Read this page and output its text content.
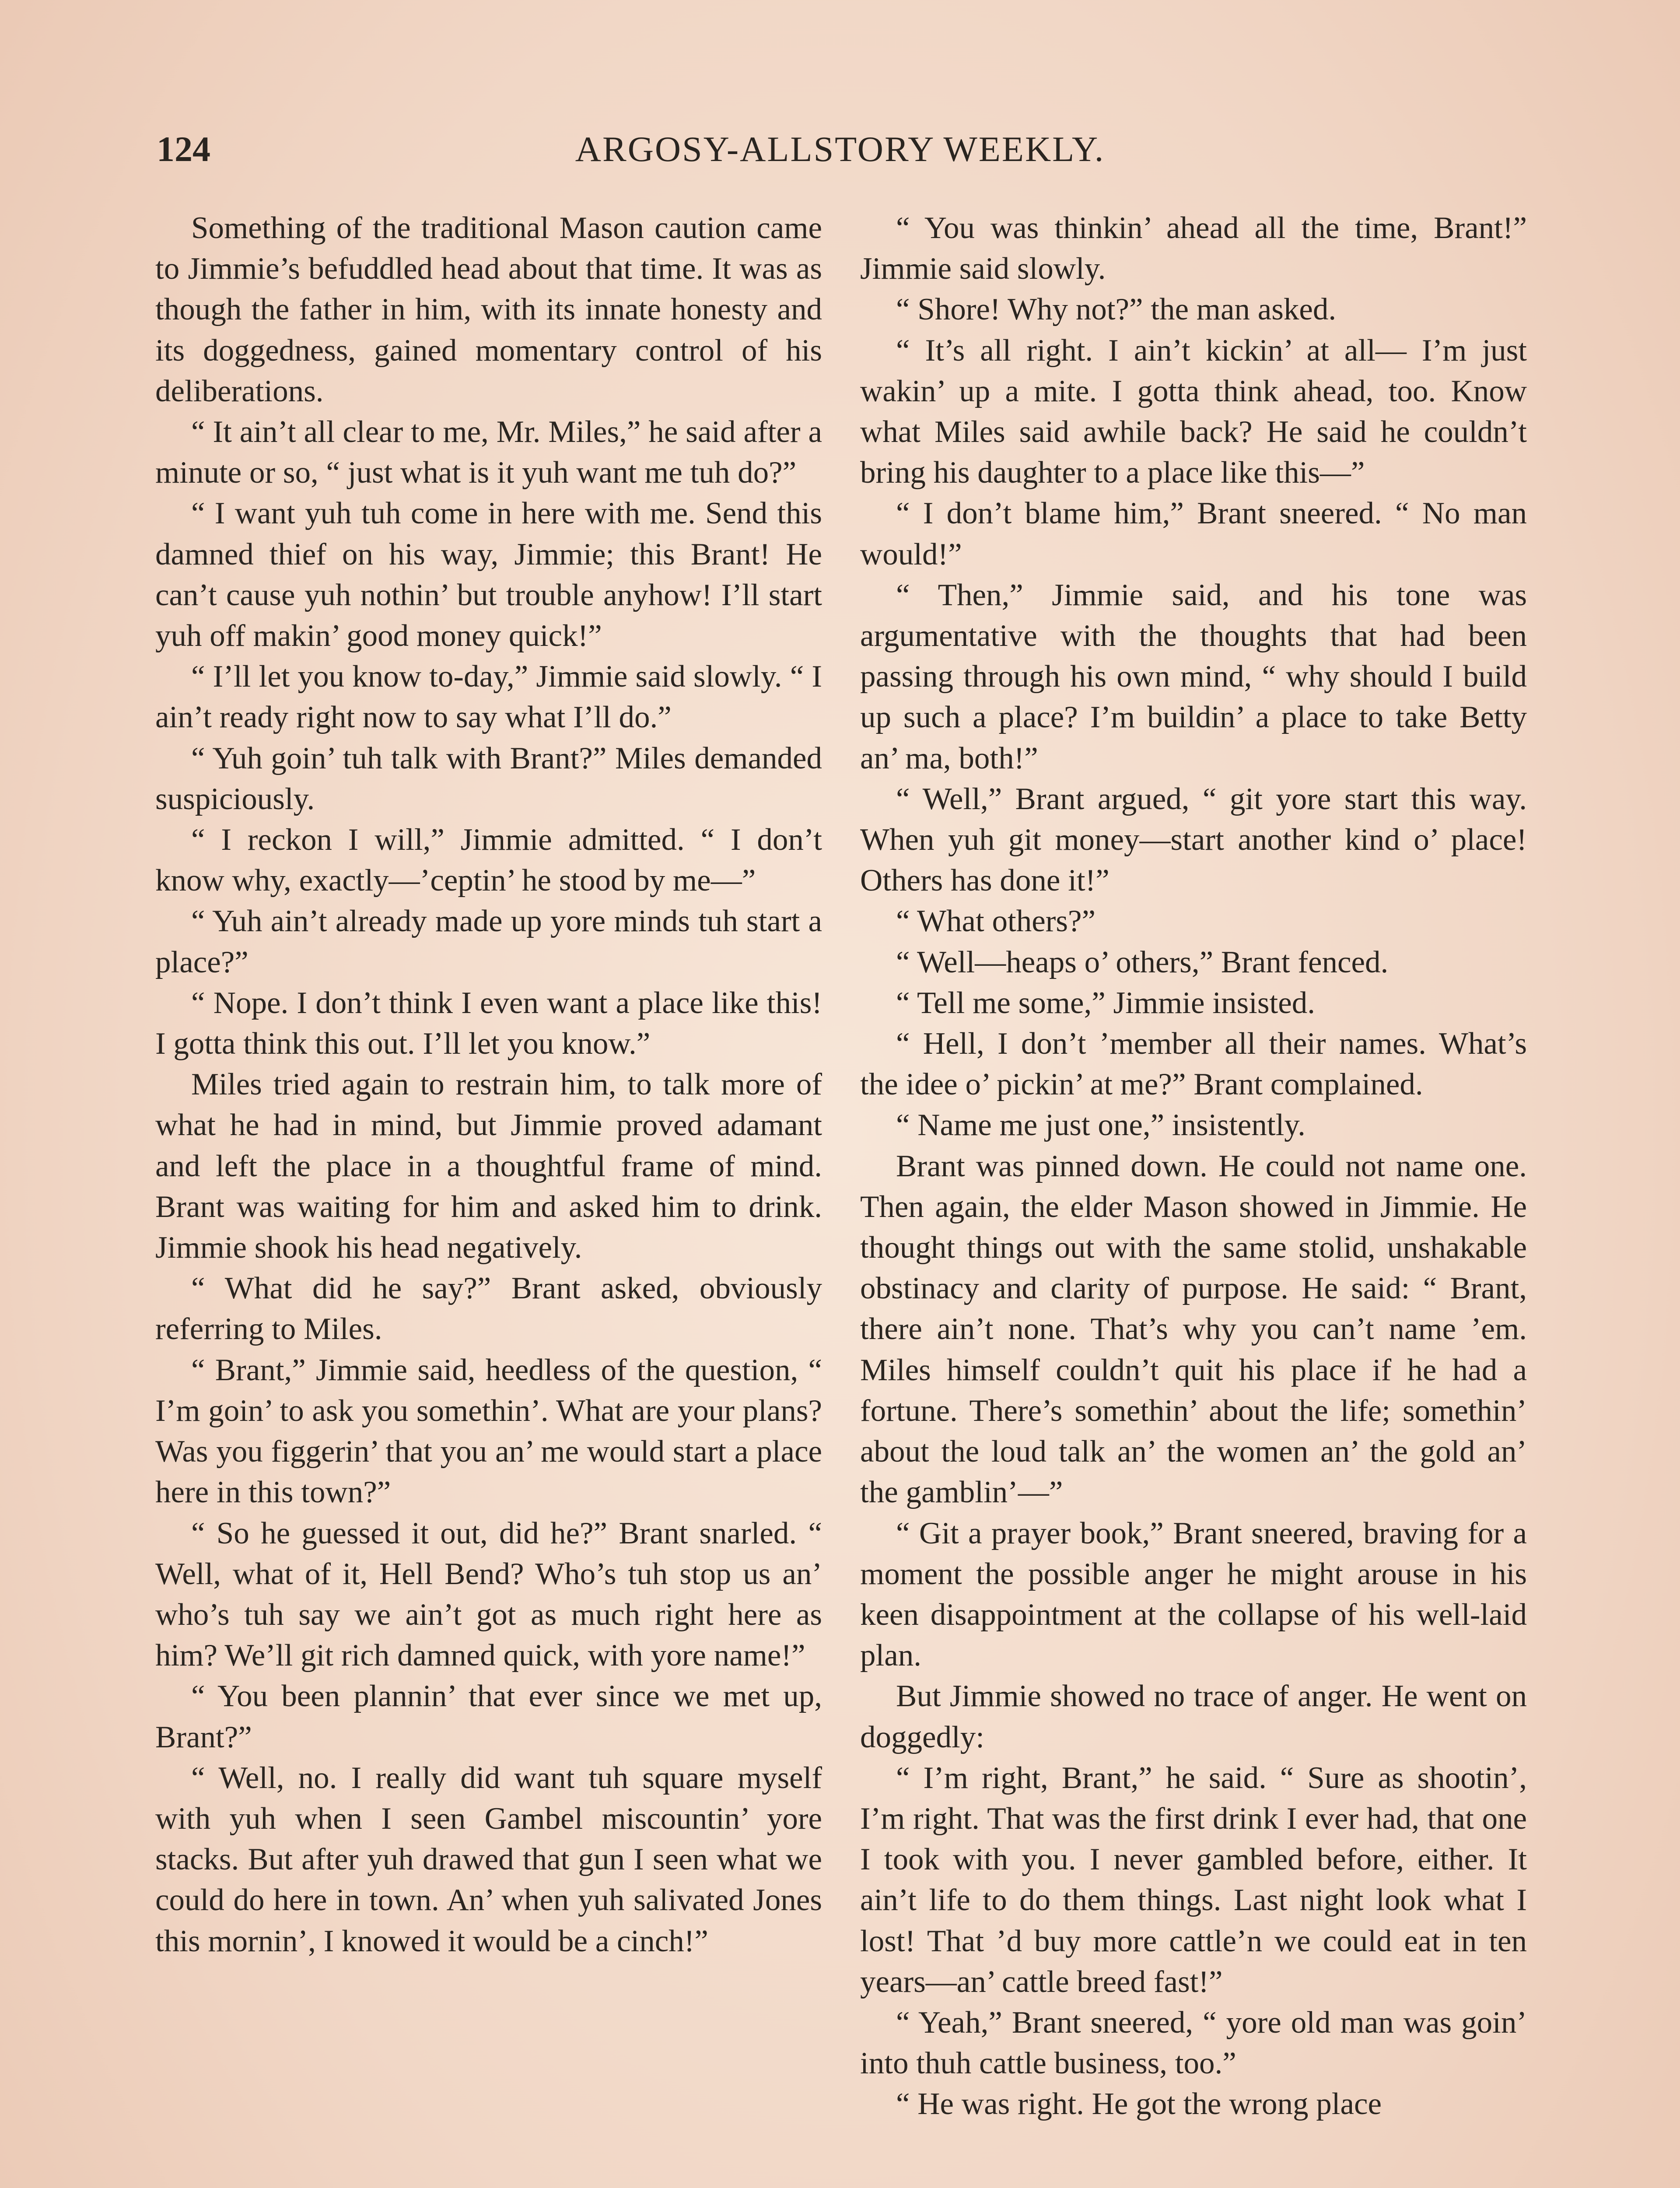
124	ARGOSY-ALLSTORY WEEKLY.

Something of the traditional Mason caution came to Jimmie’s befuddled head about that time. It was as though the father in him, with its innate honesty and its doggedness, gained momentary control of his deliberations.

“ It ain’t all clear to me, Mr. Miles,” he said after a minute or so, “ just what is it yuh want me tuh do?”

“ I want yuh tuh come in here with me. Send this damned thief on his way, Jimmie; this Brant! He can’t cause yuh nothin’ but trouble anyhow! I’ll start yuh off makin’ good money quick!”

“ I’ll let you know to-day,” Jimmie said slowly. “ I ain’t ready right now to say what I’ll do.”

“ Yuh goin’ tuh talk with Brant?” Miles demanded suspiciously.

“ I reckon I will,” Jimmie admitted. “ I don’t know why, exactly—’ceptin’ he stood by me—”

“ Yuh ain’t already made up yore minds tuh start a place?”

“ Nope. I don’t think I even want a place like this! I gotta think this out. I’ll let you know.”

Miles tried again to restrain him, to talk more of what he had in mind, but Jimmie proved adamant and left the place in a thoughtful frame of mind. Brant was waiting for him and asked him to drink. Jimmie shook his head negatively.

“ What did he say?” Brant asked, obviously referring to Miles.

“ Brant,” Jimmie said, heedless of the question, “ I’m goin’ to ask you somethin’. What are your plans? Was you figgerin’ that you an’ me would start a place here in this town?”

“ So he guessed it out, did he?” Brant snarled. “ Well, what of it, Hell Bend? Who’s tuh stop us an’ who’s tuh say we ain’t got as much right here as him? We’ll git rich damned quick, with yore name!”

“ You been plannin’ that ever since we met up, Brant?”

“ Well, no. I really did want tuh square myself with yuh when I seen Gambel miscountin’ yore stacks. But after yuh drawed that gun I seen what we could do here in town. An’ when yuh salivated Jones this mornin’, I knowed it would be a cinch!”

“ You was thinkin’ ahead all the time, Brant!” Jimmie said slowly.

“ Shore! Why not?” the man asked.

“ It’s all right. I ain’t kickin’ at all— I’m just wakin’ up a mite. I gotta think ahead, too. Know what Miles said awhile back? He said he couldn’t bring his daughter to a place like this—”

“ I don’t blame him,” Brant sneered. “ No man would!”

“ Then,” Jimmie said, and his tone was argumentative with the thoughts that had been passing through his own mind, “ why should I build up such a place? I’m buildin’ a place to take Betty an’ ma, both!”

“ Well,” Brant argued, “ git yore start this way. When yuh git money—start another kind o’ place! Others has done it!”

“ What others?”

“ Well—heaps o’ others,” Brant fenced.

“ Tell me some,” Jimmie insisted.

“ Hell, I don’t ’member all their names. What’s the idee o’ pickin’ at me?” Brant complained.

“ Name me just one,” insistently.

Brant was pinned down. He could not name one. Then again, the elder Mason showed in Jimmie. He thought things out with the same stolid, unshakable obstinacy and clarity of purpose. He said: “ Brant, there ain’t none. That’s why you can’t name ’em. Miles himself couldn’t quit his place if he had a fortune. There’s somethin’ about the life; somethin’ about the loud talk an’ the women an’ the gold an’ the gamblin’—”

“ Git a prayer book,” Brant sneered, braving for a moment the possible anger he might arouse in his keen disappointment at the collapse of his well-laid plan.

But Jimmie showed no trace of anger. He went on doggedly:

“ I’m right, Brant,” he said. “ Sure as shootin’, I’m right. That was the first drink I ever had, that one I took with you. I never gambled before, either. It ain’t life to do them things. Last night look what I lost! That ’d buy more cattle’n we could eat in ten years—an’ cattle breed fast!”

“ Yeah,” Brant sneered, “ yore old man was goin’ into thuh cattle business, too.”

“ He was right. He got the wrong place
